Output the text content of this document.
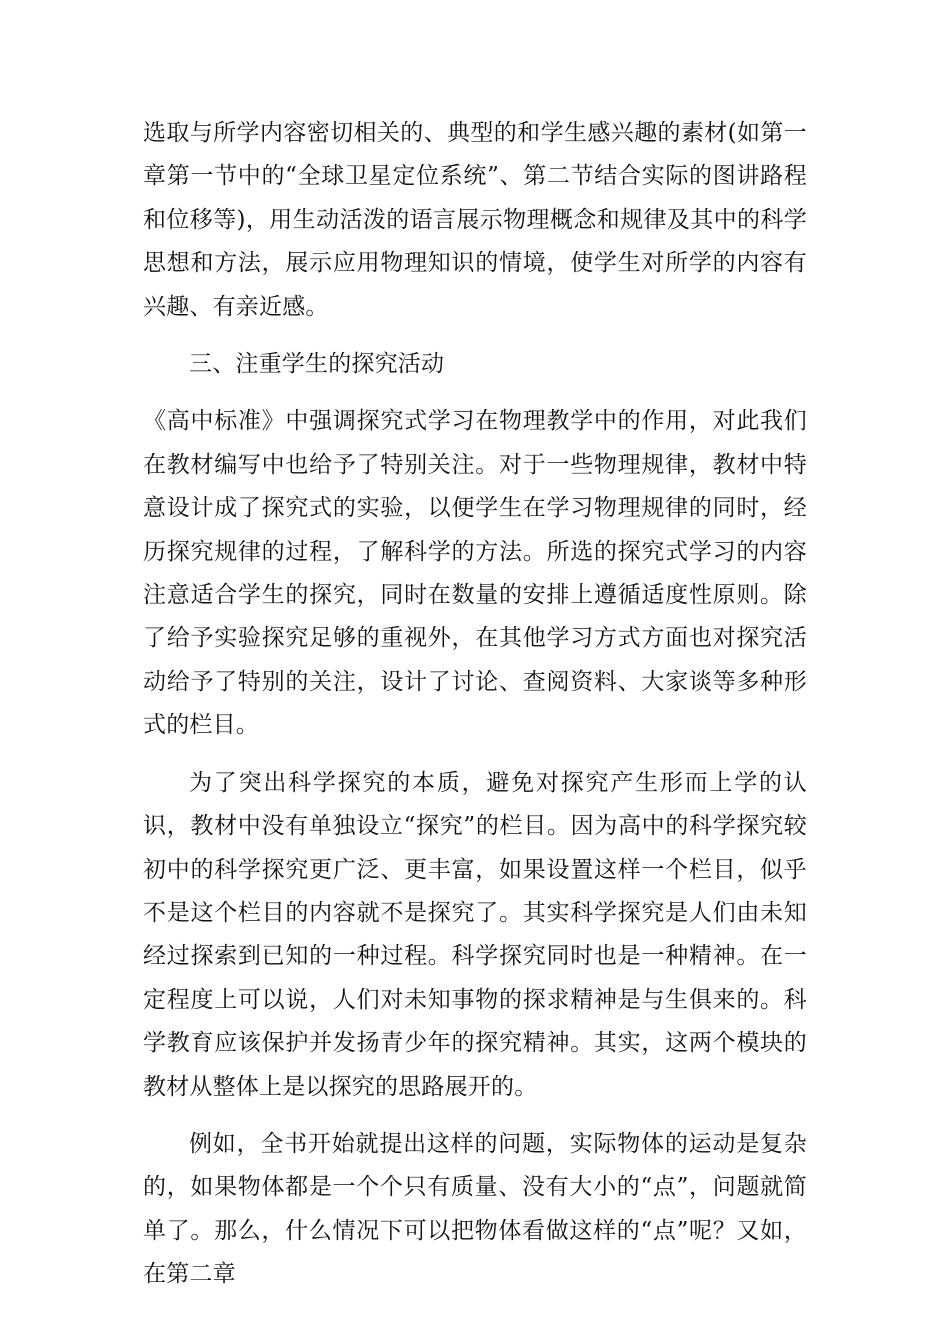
选取与所学内容密切相关的、典型的和学生感兴趣的素材(如第一章第一节中的“全球卫星定位系统”、第二节结合实际的图讲路程和位移等)，用生动活泼的语言展示物理概念和规律及其中的科学思想和方法，展示应用物理知识的情境，使学生对所学的内容有兴趣、有亲近感。

三、注重学生的探究活动

《高中标准》中强调探究式学习在物理教学中的作用，对此我们在教材编写中也给予了特别关注。对于一些物理规律，教材中特意设计成了探究式的实验，以便学生在学习物理规律的同时，经历探究规律的过程，了解科学的方法。所选的探究式学习的内容注意适合学生的探究，同时在数量的安排上遵循适度性原则。除了给予实验探究足够的重视外，在其他学习方式方面也对探究活动给予了特别的关注，设计了讨论、查阅资料、大家谈等多种形式的栏目。

为了突出科学探究的本质，避免对探究产生形而上学的认识，教材中没有单独设立“探究”的栏目。因为高中的科学探究较初中的科学探究更广泛、更丰富，如果设置这样一个栏目，似乎不是这个栏目的内容就不是探究了。其实科学探究是人们由未知经过探索到已知的一种过程。科学探究同时也是一种精神。在一定程度上可以说，人们对未知事物的探求精神是与生俱来的。科学教育应该保护并发扬青少年的探究精神。其实，这两个模块的教材从整体上是以探究的思路展开的。

例如，全书开始就提出这样的问题，实际物体的运动是复杂的，如果物体都是一个个只有质量、没有大小的“点”，问题就简单了。那么，什么情况下可以把物体看做这样的“点”呢？又如，在第二章
